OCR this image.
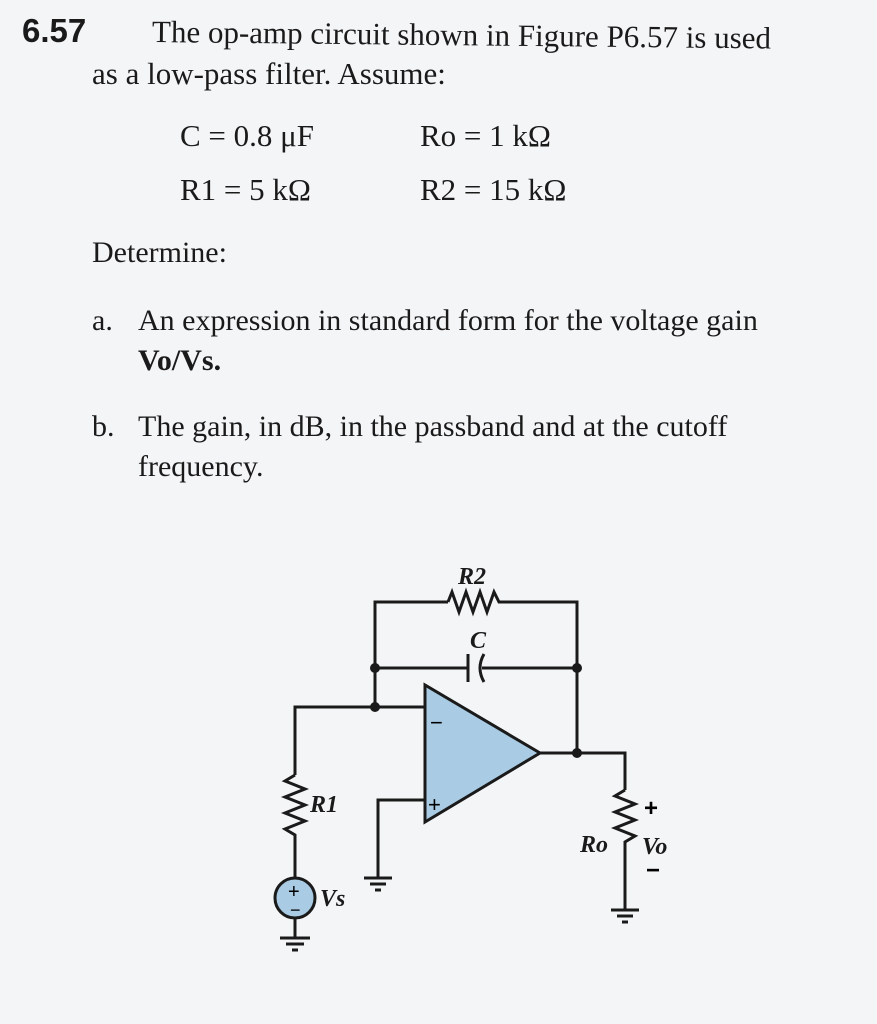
6.57 The op-amp circuit shown in Figure P6.57 is used
as a low-pass filter. Assume:
C = 0.8 μF	Ro = 1 kΩ
R1 = 5 kΩ	R2 = 15 kΩ
Determine:
a. An expression in standard form for the voltage gain
Vo/Vs.
b. The gain, in dB, in the passband and at the cutoff
frequency.
R2
C
R1
Vs
Ro Vo
+
−
−
+	+
−
